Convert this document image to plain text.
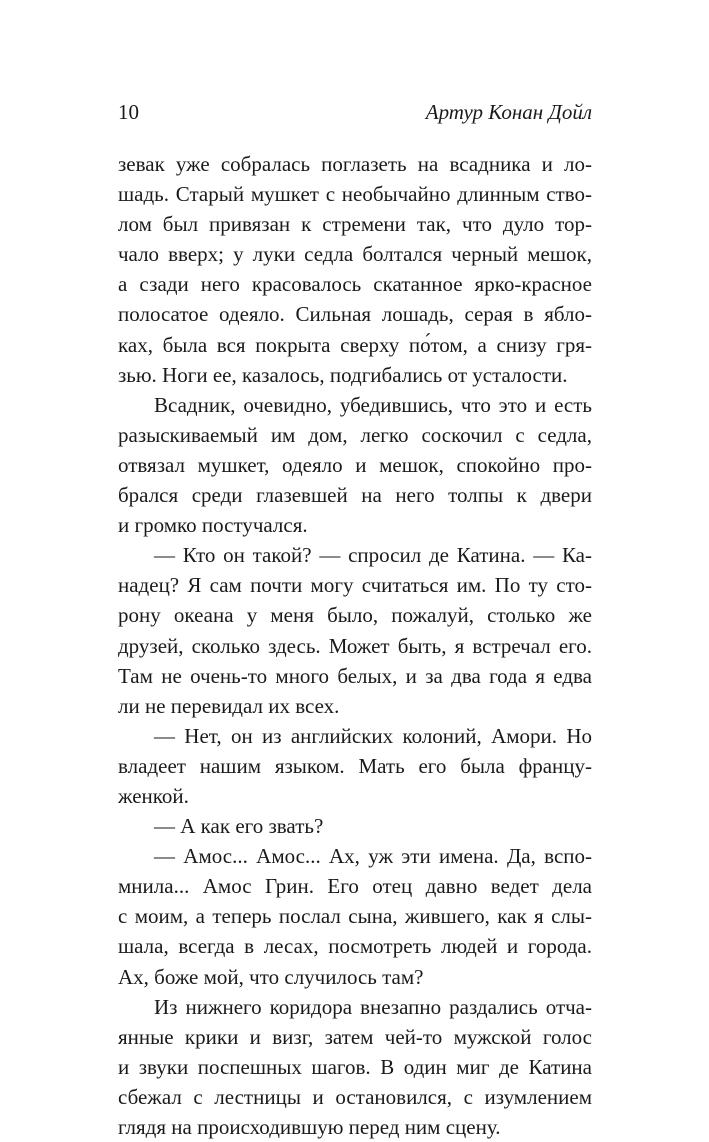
10	Артур Конан Дойл
зевак уже собралась поглазеть на всадника и ло-
шадь. Старый мушкет с необычайно длинным ство-
лом был привязан к стремени так, что дуло тор-
чало вверх; у луки седла болтался черный мешок,
а сзади него красовалось скатанное ярко-красное
полосатое одеяло. Сильная лошадь, серая в ябло-
ках, была вся покрыта сверху по́том, а снизу гря-
зью. Ноги ее, казалось, подгибались от усталости.
Всадник, очевидно, убедившись, что это и есть
разыскиваемый им дом, легко соскочил с седла,
отвязал мушкет, одеяло и мешок, спокойно про-
брался среди глазевшей на него толпы к двери
и громко постучался.
— Кто он такой? — спросил де Катина. — Ка-
надец? Я сам почти могу считаться им. По ту сто-
рону океана у меня было, пожалуй, столько же
друзей, сколько здесь. Может быть, я встречал его.
Там не очень-то много белых, и за два года я едва
ли не перевидал их всех.
— Нет, он из английских колоний, Амори. Но
владеет нашим языком. Мать его была францу-
женкой.
— А как его звать?
— Амос... Амос... Ах, уж эти имена. Да, вспо-
мнила... Амос Грин. Его отец давно ведет дела
с моим, а теперь послал сына, жившего, как я слы-
шала, всегда в лесах, посмотреть людей и города.
Ах, боже мой, что случилось там?
Из нижнего коридора внезапно раздались отча-
янные крики и визг, затем чей-то мужской голос
и звуки поспешных шагов. В один миг де Катина
сбежал с лестницы и остановился, с изумлением
глядя на происходившую перед ним сцену.
